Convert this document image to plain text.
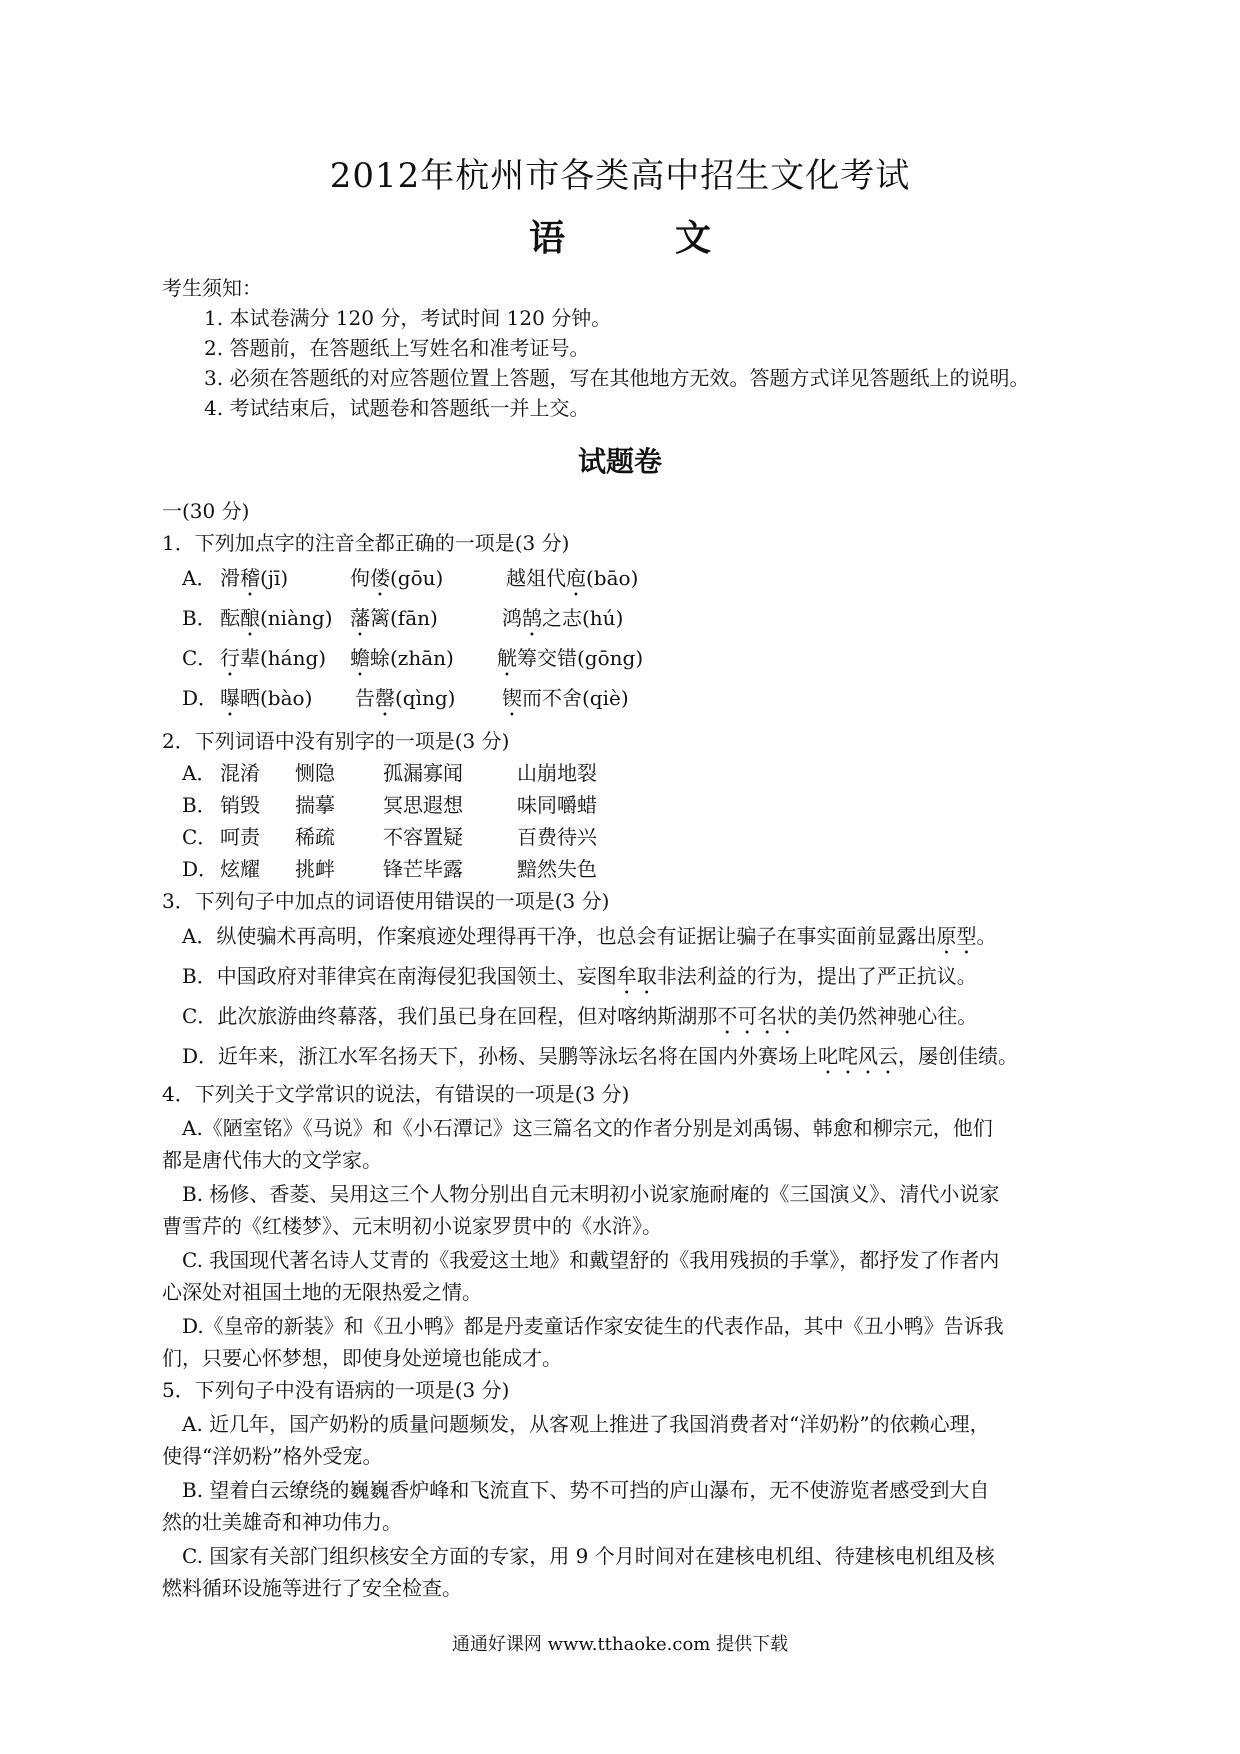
2012年杭州市各类高中招生文化考试
语	文
考生须知：
1. 本试卷满分 120 分，考试时间 120 分钟。
2. 答题前，在答题纸上写姓名和准考证号。
3. 必须在答题纸的对应答题位置上答题，写在其他地方无效。答题方式详见答题纸上的说明。
4. 考试结束后，试题卷和答题纸一并上交。
试题卷
一(30 分)
1．下列加点字的注音全都正确的一项是(3 分)
A． 滑稽(jī)	佝偻(gōu)	越俎代庖(bāo)
B． 酝酿(niàng) 藩篱(fān)	鸿鹄之志(hú)
C． 行辈(háng) 蟾蜍(zhān) 觥筹交错(gōng)
D． 曝晒(bào) 告罄(qìng) 锲而不舍(qiè)
2．下列词语中没有别字的一项是(3 分)
A． 混淆 恻隐 孤漏寡闻	山崩地裂
B． 销毁 揣摹 冥思遐想	味同嚼蜡
C． 呵责 稀疏 不容置疑	百费待兴
D． 炫耀 挑衅 锋芒毕露	黯然失色
3．下列句子中加点的词语使用错误的一项是(3 分)
A．纵使骗术再高明，作案痕迹处理得再干净，也总会有证据让骗子在事实面前显露出原型。
B．中国政府对菲律宾在南海侵犯我国领土、妄图牟取非法利益的行为，提出了严正抗议。
C．此次旅游曲终幕落，我们虽已身在回程，但对喀纳斯湖那不可名状的美仍然神驰心往。
D．近年来，浙江水军名扬天下，孙杨、吴鹏等泳坛名将在国内外赛场上叱咤风云，屡创佳绩。
4．下列关于文学常识的说法，有错误的一项是(3 分)
A.《陋室铭》《马说》和《小石潭记》这三篇名文的作者分别是刘禹锡、韩愈和柳宗元，他们
都是唐代伟大的文学家。
B. 杨修、香菱、吴用这三个人物分别出自元末明初小说家施耐庵的《三国演义》、清代小说家
曹雪芹的《红楼梦》、元末明初小说家罗贯中的《水浒》。
C. 我国现代著名诗人艾青的《我爱这土地》和戴望舒的《我用残损的手掌》，都抒发了作者内
心深处对祖国土地的无限热爱之情。
D.《皇帝的新装》和《丑小鸭》都是丹麦童话作家安徒生的代表作品，其中《丑小鸭》告诉我
们，只要心怀梦想，即使身处逆境也能成才。
5．下列句子中没有语病的一项是(3 分)
A. 近几年，国产奶粉的质量问题频发，从客观上推进了我国消费者对“洋奶粉”的依赖心理，
使得“洋奶粉”格外受宠。
B. 望着白云缭绕的巍巍香炉峰和飞流直下、势不可挡的庐山瀑布，无不使游览者感受到大自
然的壮美雄奇和神功伟力。
C. 国家有关部门组织核安全方面的专家，用 9 个月时间对在建核电机组、待建核电机组及核
燃料循环设施等进行了安全检查。
通通好课网 www.tthaoke.com 提供下载
